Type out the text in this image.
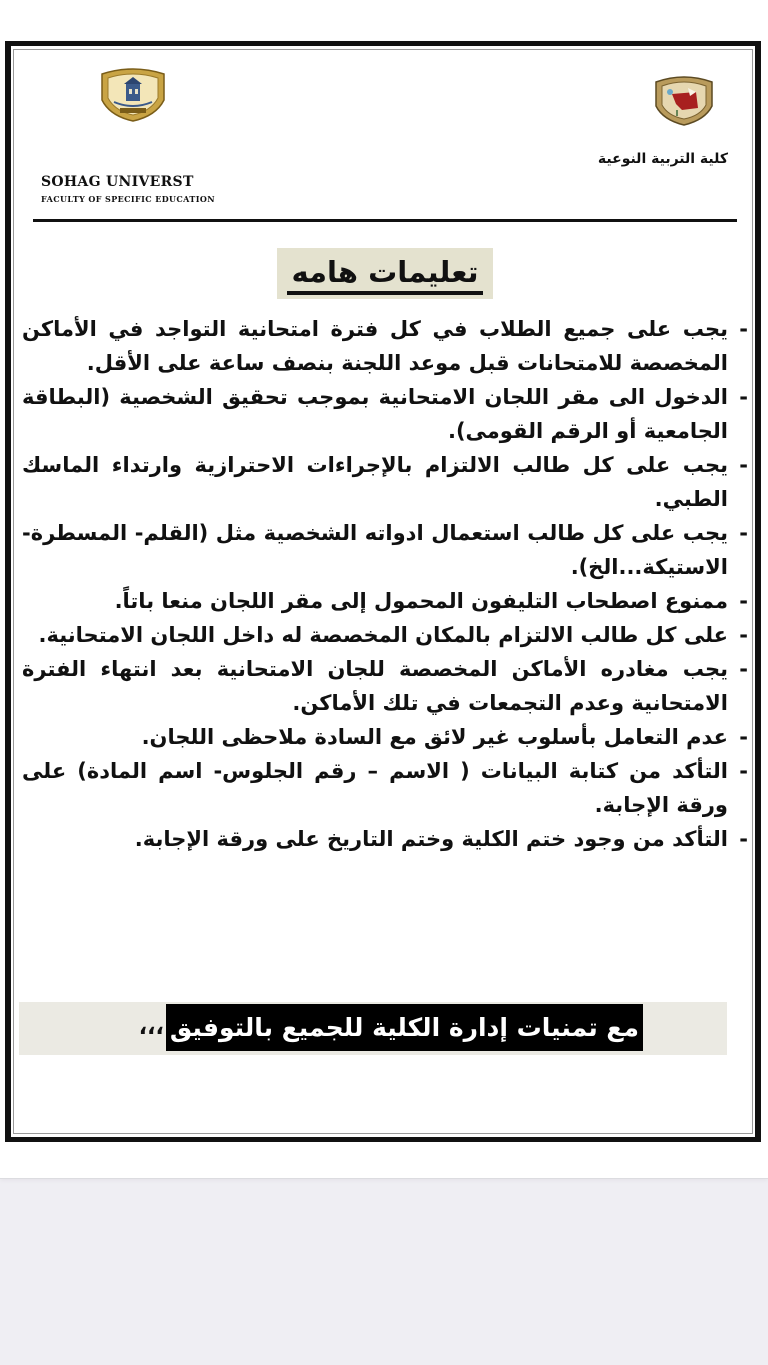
SOHAG UNIVERST
FACULTY OF SPECIFIC EDUCATION
كلية التربية النوعية
تعليمات هامه
-
يجب على جميع الطلاب في كل فترة امتحانية التواجد في الأماكن المخصصة للامتحانات قبل موعد اللجنة بنصف ساعة على الأقل.
-
الدخول الى مقر اللجان الامتحانية بموجب تحقيق الشخصية (البطاقة الجامعية أو الرقم القومى).
-
يجب على كل طالب الالتزام بالإجراءات الاحترازية وارتداء الماسك الطبي.
-
يجب على كل طالب استعمال ادواته الشخصية مثل (القلم- المسطرة- الاستيكة...الخ).
-
ممنوع اصطحاب التليفون المحمول إلى مقر اللجان منعا باتاً.
-
على كل طالب الالتزام بالمكان المخصصة له داخل اللجان الامتحانية.
-
يجب مغادره الأماكن المخصصة للجان الامتحانية بعد انتهاء الفترة الامتحانية وعدم التجمعات في تلك الأماكن.
-
عدم التعامل بأسلوب غير لائق مع السادة ملاحظى اللجان.
-
التأكد من كتابة البيانات ( الاسم – رقم الجلوس- اسم المادة) على ورقة الإجابة.
-
التأكد من وجود ختم الكلية وختم التاريخ على ورقة الإجابة.
مع تمنيات إدارة الكلية للجميع بالتوفيق
،،،
